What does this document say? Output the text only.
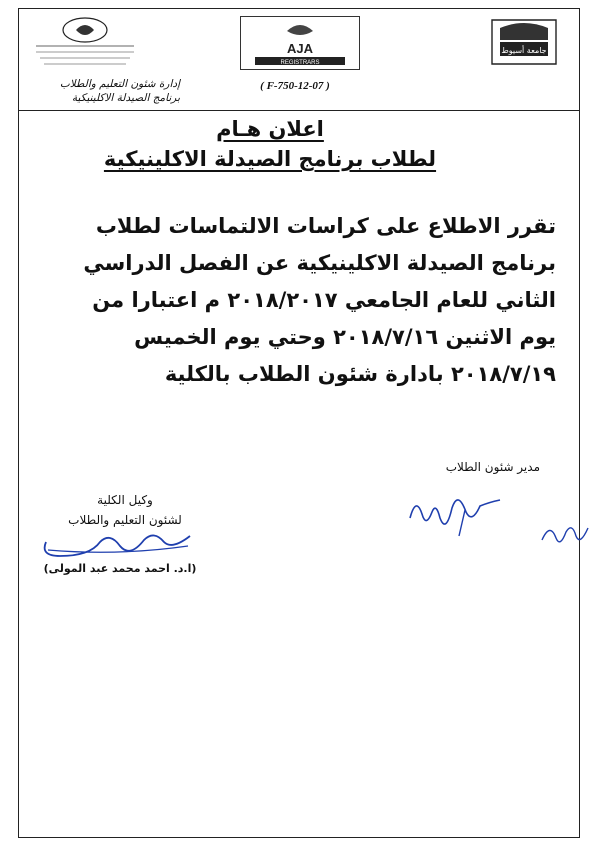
AJA
REGISTRARS
جامعة أسيوط
( F-750-12-07 )
إدارة شئون التعليم والطلاب
برنامج الصيدلة الاكلينيكية
اعلان هـام
لطلاب برنامج الصيدلة الاكلينيكية
تقرر الاطلاع على كراسات الالتماسات لطلاب
برنامج الصيدلة الاكلينيكية عن الفصل الدراسي
الثاني للعام الجامعي ٢٠١٨/٢٠١٧ م اعتبارا من
يوم الاثنين ٢٠١٨/٧/١٦ وحتي يوم الخميس
٢٠١٨/٧/١٩ بادارة شئون الطلاب بالكلية
مدير شئون الطلاب
وكيل الكلية
لشئون التعليم والطلاب
(ا.د. احمد محمد عبد المولى)
